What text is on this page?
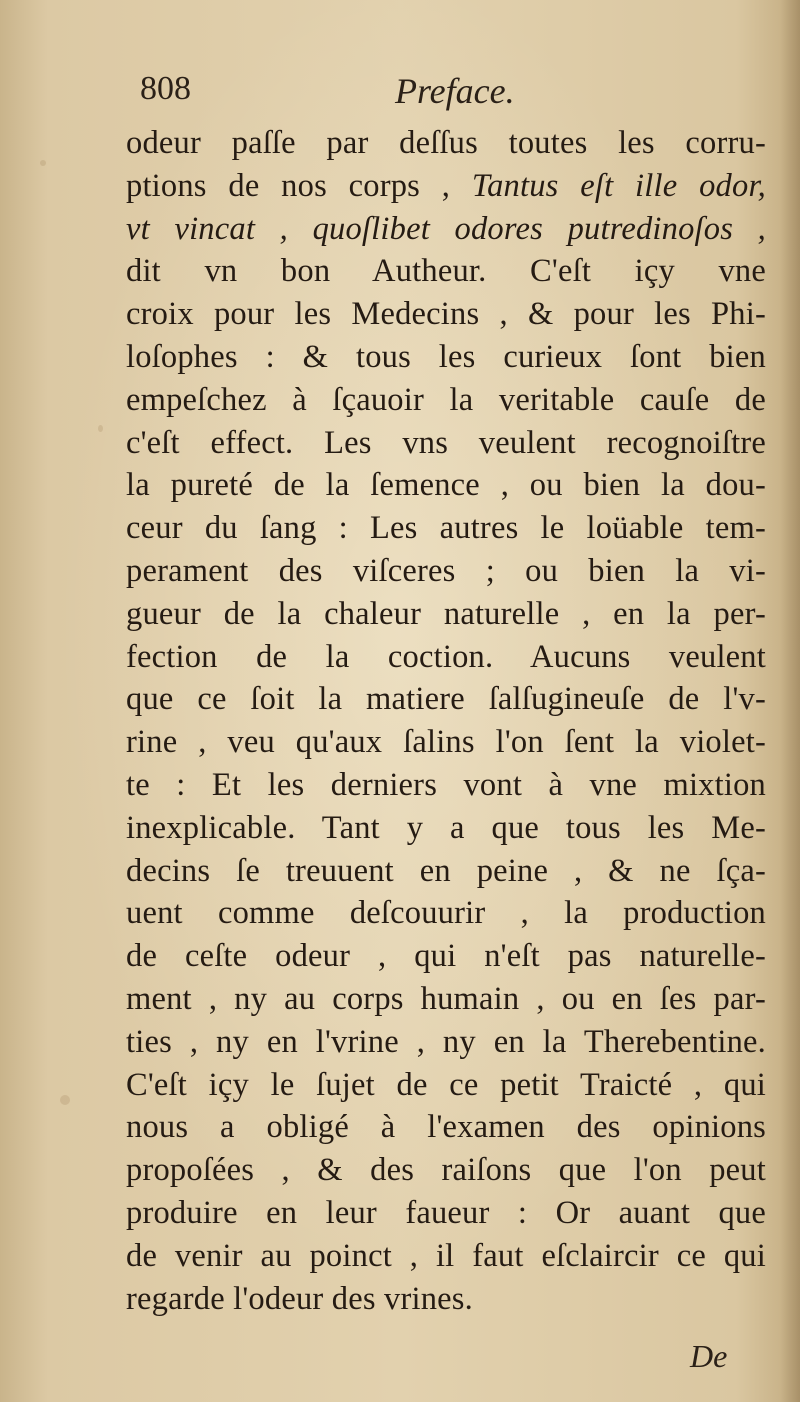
808	Preface.
odeur paſſe par deſſus toutes les corru-
ptions de nos corps , Tantus eſt ille odor,
vt vincat , quoſlibet odores putredinoſos ,
dit vn bon Autheur. C'eſt içy vne
croix pour les Medecins , & pour les Phi-
loſophes : & tous les curieux ſont bien
empeſchez à ſçauoir la veritable cauſe de
c'eſt effect. Les vns veulent recognoiſtre
la pureté de la ſemence , ou bien la dou-
ceur du ſang : Les autres le loüable tem-
perament des viſceres ; ou bien la vi-
gueur de la chaleur naturelle , en la per-
fection de la coction. Aucuns veulent
que ce ſoit la matiere ſalſugineuſe de l'v-
rine , veu qu'aux ſalins l'on ſent la violet-
te : Et les derniers vont à vne mixtion
inexplicable. Tant y a que tous les Me-
decins ſe treuuent en peine , & ne ſça-
uent comme deſcouurir , la production
de ceſte odeur , qui n'eſt pas naturelle-
ment , ny au corps humain , ou en ſes par-
ties , ny en l'vrine , ny en la Therebentine.
C'eſt içy le ſujet de ce petit Traicté , qui
nous a obligé à l'examen des opinions
propoſées , & des raiſons que l'on peut
produire en leur faueur : Or auant que
de venir au poinct , il faut eſclaircir ce qui
regarde l'odeur des vrines.
De
